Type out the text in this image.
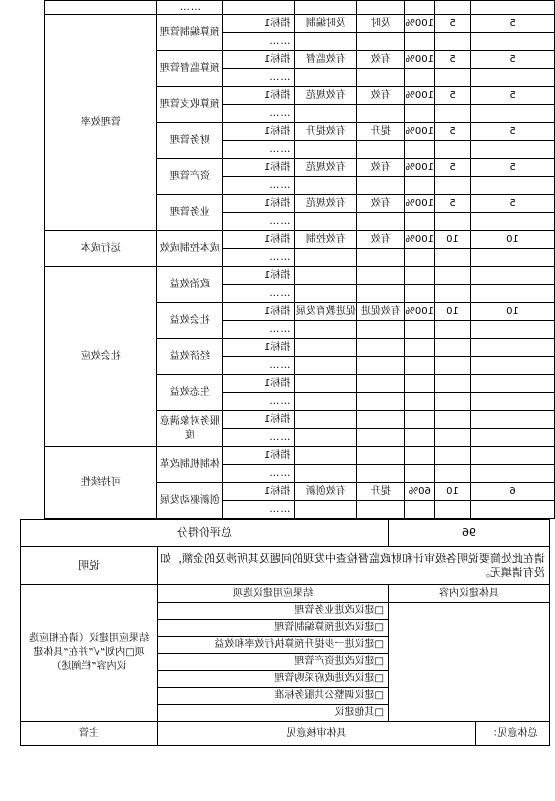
						……	
5	5	100%	及时	及时编制	指标1	预算编制管理	管理效率
					……		
5	5	100%	有效	有效监督	指标1	预算监督管理	
					……		
5	5	100%	有效	有效规范	指标1	预算收支管理	
					……		
5	5	100%	提升	有效提升	指标1	财务管理	
					……		
5	5	100%	有效	有效规范	指标1	资产管理	
					……		
5	5	100%	有效	有效规范	指标1	业务管理	
					……		
10	10	100%	有效	有效控制	指标1	成本控制成效	运行成本
					……		
					指标1	政治效益	社会效应
					……		
10	10	100%	有效促进	促进教育发展	指标1	社会效益	
					……		
					指标1	经济效益	
					……		
					指标1	生态效益	
					……		
					指标1	服务对象满意度	
					……		
					指标1	体制机制改革	可持续性
					……		
6	10	60%	提升	有效创新	指标1	创新驱动发展	
					……		
96		总评价得分	
请在此处简要说明各级审计和财政监督检查中发现的问题及其所涉及的金额，如没有请填无。			说明
具体建议内容		结果应用建议选项	结果应用建议（请在相应选项□内划“√”并在“具体建议内容”栏阐述）
		□建议改进业务管理	
		□建议改进预算编制管理	
		□建议进一步提升预算执行效率和效益	
		□建议改进资产管理	
		□建议改进政府采购管理	
		□建议调整公共服务标准	
		□其他建议	
总体意见：	具体审核意见		主管
